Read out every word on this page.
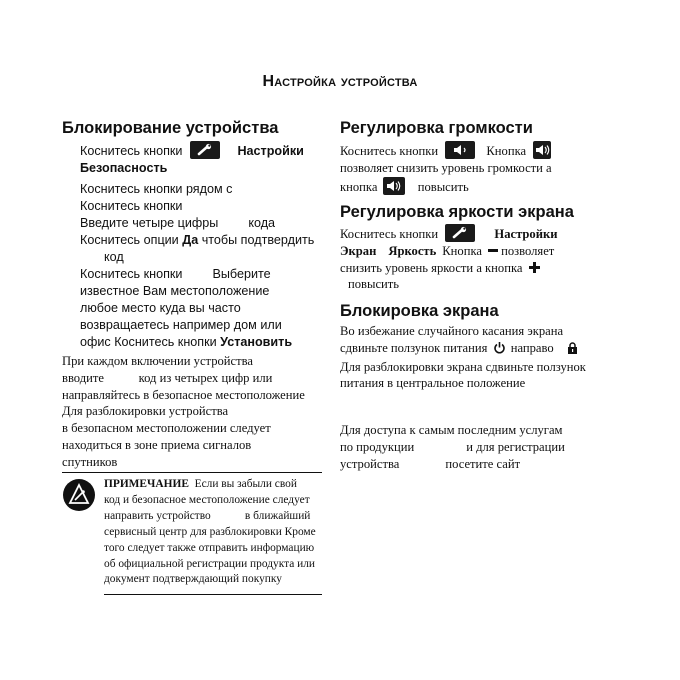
Настройка устройства
Блокирование устройства

Коснитесь кнопки	Настройки

Безопасность

Коснитесь кнопки рядом с

Коснитесь кнопки

Введите четыре цифры кода

Коснитесь опции Да чтобы подтвердить

код

Коснитесь кнопки Выберите

известное Вам местоположение

любое место куда вы часто

возвращаетесь например дом или

офис Коснитесь кнопки Установить

При каждом включении устройства

вводите           код из четырех цифр или

направляйтесь в безопасное местоположение

Для разблокировки устройства

в безопасном местоположении следует

находиться в зоне приема сигналов

спутников

ПРИМЕЧАНИЕ  Если вы забыли свой

код и безопасное местоположение следует

направить устройство            в ближайший

сервисный центр для разблокировки Кроме

того следует также отправить информацию

об официальной регистрации продукта или

документ подтверждающий покупку

Регулировка громкости

Коснитесь кнопки	Кнопка

позволяет снизить уровень громкости а

кнопка	повысить

Регулировка яркости экрана

Коснитесь кнопки	Настройки

Экран Яркость Кнопка позволяет

снизить уровень яркости а кнопка

повысить

Блокировка экрана

Во избежание случайного касания экрана

сдвиньте ползунок питания направо

Для разблокировки экрана сдвиньте ползунок

питания в центральное положение

Для доступа к самым последним услугам

по продукции	и для регистрации

устройства	посетите сайт
